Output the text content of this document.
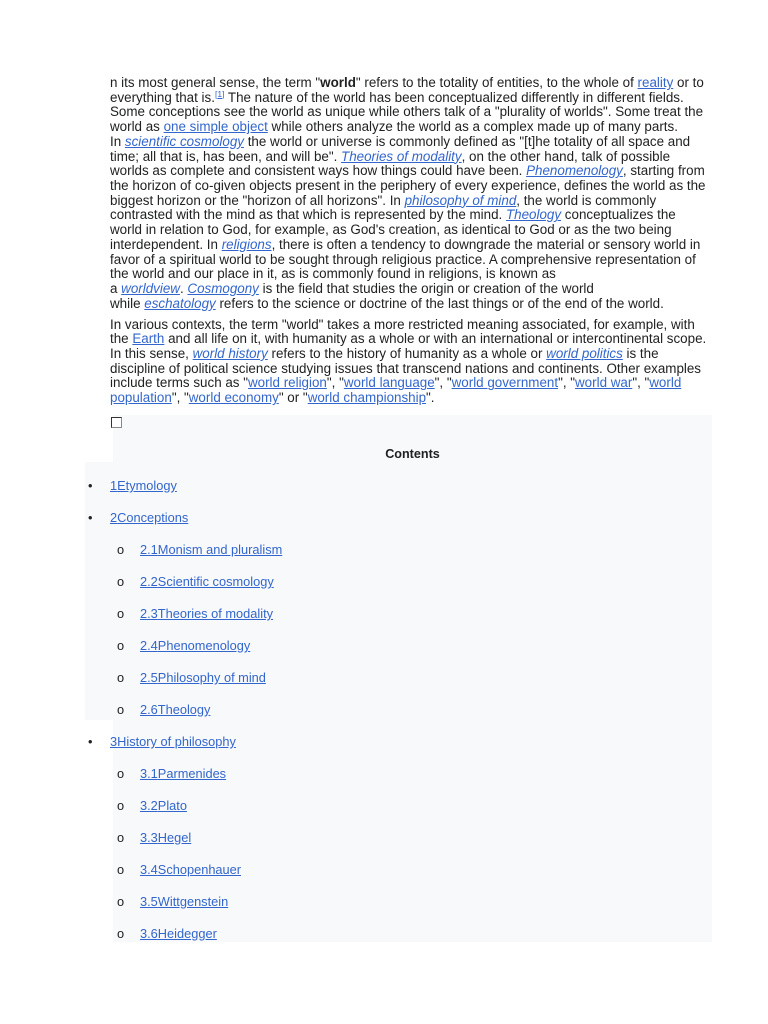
n its most general sense, the term "world" refers to the totality of entities, to the whole of reality or to
everything that is.[1] The nature of the world has been conceptualized differently in different fields.
Some conceptions see the world as unique while others talk of a "plurality of worlds". Some treat the
world as one simple object while others analyze the world as a complex made up of many parts.
In scientific cosmology the world or universe is commonly defined as "[t]he totality of all space and
time; all that is, has been, and will be". Theories of modality, on the other hand, talk of possible
worlds as complete and consistent ways how things could have been. Phenomenology, starting from
the horizon of co-given objects present in the periphery of every experience, defines the world as the
biggest horizon or the "horizon of all horizons". In philosophy of mind, the world is commonly
contrasted with the mind as that which is represented by the mind. Theology conceptualizes the
world in relation to God, for example, as God's creation, as identical to God or as the two being
interdependent. In religions, there is often a tendency to downgrade the material or sensory world in
favor of a spiritual world to be sought through religious practice. A comprehensive representation of
the world and our place in it, as is commonly found in religions, is known as
a worldview. Cosmogony is the field that studies the origin or creation of the world
while eschatology refers to the science or doctrine of the last things or of the end of the world.
In various contexts, the term "world" takes a more restricted meaning associated, for example, with
the Earth and all life on it, with humanity as a whole or with an international or intercontinental scope.
In this sense, world history refers to the history of humanity as a whole or world politics is the
discipline of political science studying issues that transcend nations and continents. Other examples
include terms such as "world religion", "world language", "world government", "world war", "world
population", "world economy" or "world championship".
Contents
•
1Etymology
•
2Conceptions
o
2.1Monism and pluralism
o
2.2Scientific cosmology
o
2.3Theories of modality
o
2.4Phenomenology
o
2.5Philosophy of mind
o
2.6Theology
•
3History of philosophy
o
3.1Parmenides
o
3.2Plato
o
3.3Hegel
o
3.4Schopenhauer
o
3.5Wittgenstein
o
3.6Heidegger
